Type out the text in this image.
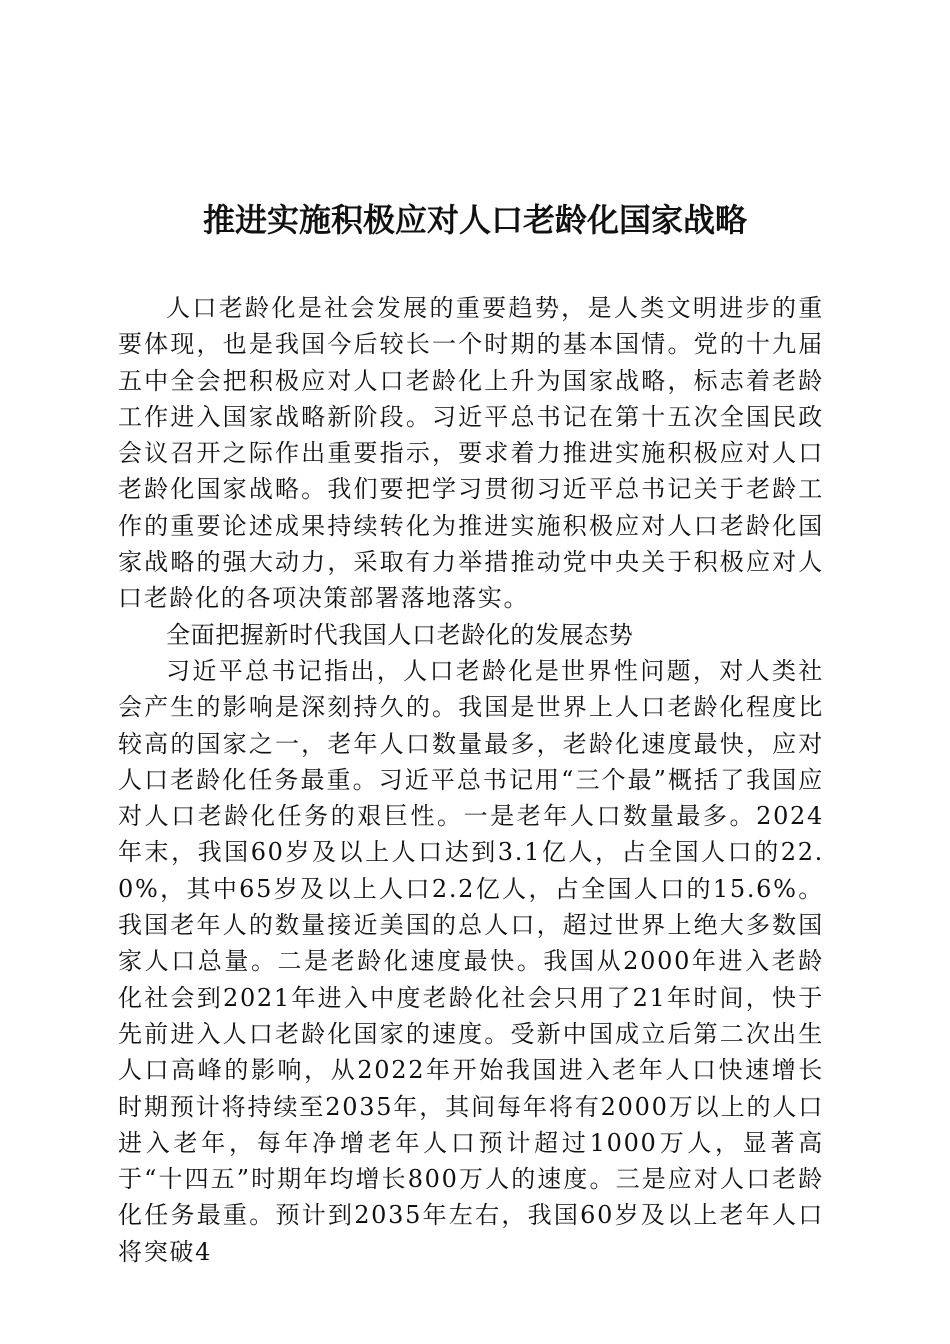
推进实施积极应对人口老龄化国家战略

人口老龄化是社会发展的重要趋势，是人类文明进步的重要体现，也是我国今后较长一个时期的基本国情。党的十九届五中全会把积极应对人口老龄化上升为国家战略，标志着老龄工作进入国家战略新阶段。习近平总书记在第十五次全国民政会议召开之际作出重要指示，要求着力推进实施积极应对人口老龄化国家战略。我们要把学习贯彻习近平总书记关于老龄工作的重要论述成果持续转化为推进实施积极应对人口老龄化国家战略的强大动力，采取有力举措推动党中央关于积极应对人口老龄化的各项决策部署落地落实。

全面把握新时代我国人口老龄化的发展态势

习近平总书记指出，人口老龄化是世界性问题，对人类社会产生的影响是深刻持久的。我国是世界上人口老龄化程度比较高的国家之一，老年人口数量最多，老龄化速度最快，应对人口老龄化任务最重。习近平总书记用“三个最”概括了我国应对人口老龄化任务的艰巨性。一是老年人口数量最多。2024年末，我国60岁及以上人口达到3.1亿人，占全国人口的22.0%，其中65岁及以上人口2.2亿人，占全国人口的15.6%。我国老年人的数量接近美国的总人口，超过世界上绝大多数国家人口总量。二是老龄化速度最快。我国从2000年进入老龄化社会到2021年进入中度老龄化社会只用了21年时间，快于先前进入人口老龄化国家的速度。受新中国成立后第二次出生人口高峰的影响，从2022年开始我国进入老年人口快速增长时期预计将持续至2035年，其间每年将有2000万以上的人口进入老年，每年净增老年人口预计超过1000万人，显著高于“十四五”时期年均增长800万人的速度。三是应对人口老龄化任务最重。预计到2035年左右，我国60岁及以上老年人口将突破4
